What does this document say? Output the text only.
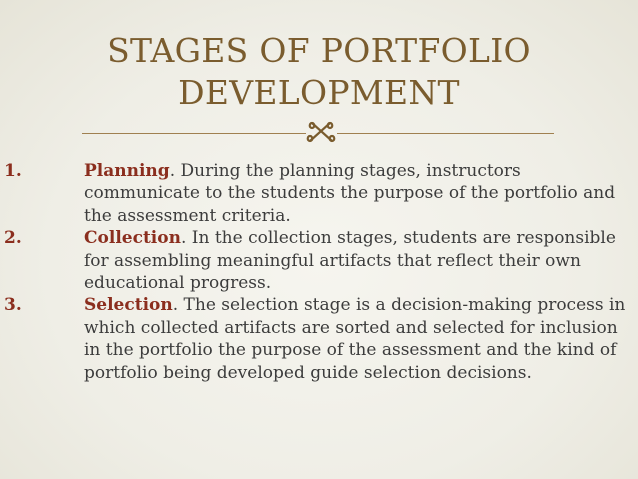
STAGES OF PORTFOLIO
DEVELOPMENT
1.	Planning. During the planning stages, instructors communicate to the students the purpose of the portfolio and the assessment criteria.
2.	Collection. In the collection stages, students are responsible for assembling meaningful artifacts that reflect their own educational progress.
3.	Selection. The selection stage is a decision-making process in which collected artifacts are sorted and selected for inclusion in the portfolio the purpose of the assessment and the kind of portfolio being developed guide selection decisions.
